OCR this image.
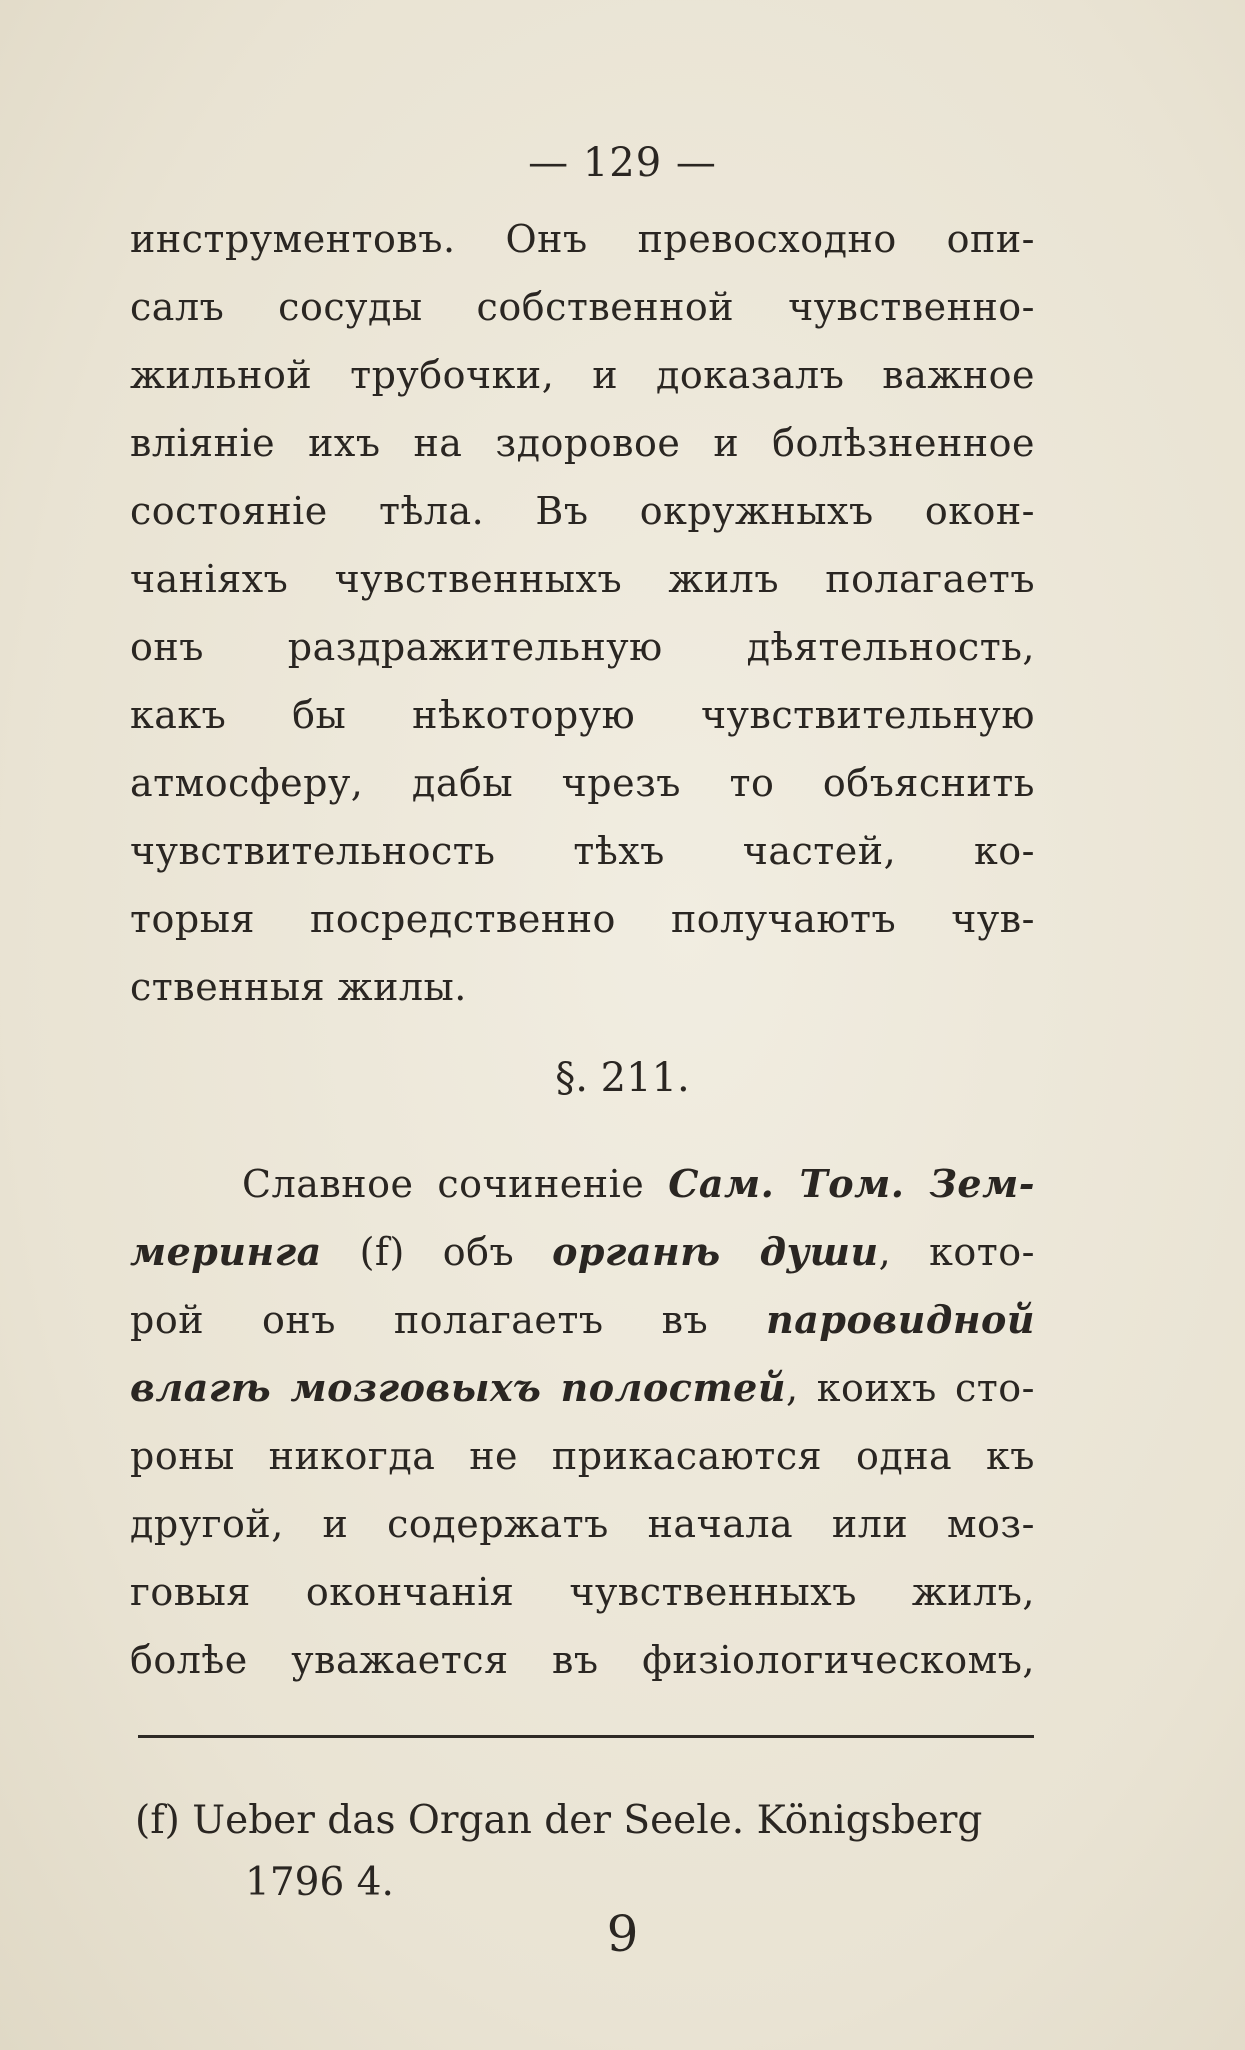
— 129 —
инструментовъ. Онъ превосходно опи-
салъ сосуды собственной чувственно-
жильной трубочки, и доказалъ важное
влiянiе ихъ на здоровое и болѣзненное
состоянiе тѣла. Въ окружныхъ окон-
чанiяхъ чувственныхъ жилъ полагаетъ
онъ раздражительную дѣятельность,
какъ бы нѣкоторую чувствительную
атмосферу, дабы чрезъ то объяснить
чувствительность тѣхъ частей, ко-
торыя посредственно получаютъ чув-
ственныя жилы.
§. 211.
Славное сочиненiе Сам. Том. Зем-
меринга (f) объ органѣ души, кото-
рой онъ полагаетъ въ паровидной
влагѣ мозговыхъ полостей, коихъ сто-
роны никогда не прикасаются одна къ
другой, и содержатъ начала или моз-
говыя окончанiя чувственныхъ жилъ,
болѣе уважается въ физiологическомъ,
(f) Ueber das Organ der Seele. Königsberg
1796 4.
9
